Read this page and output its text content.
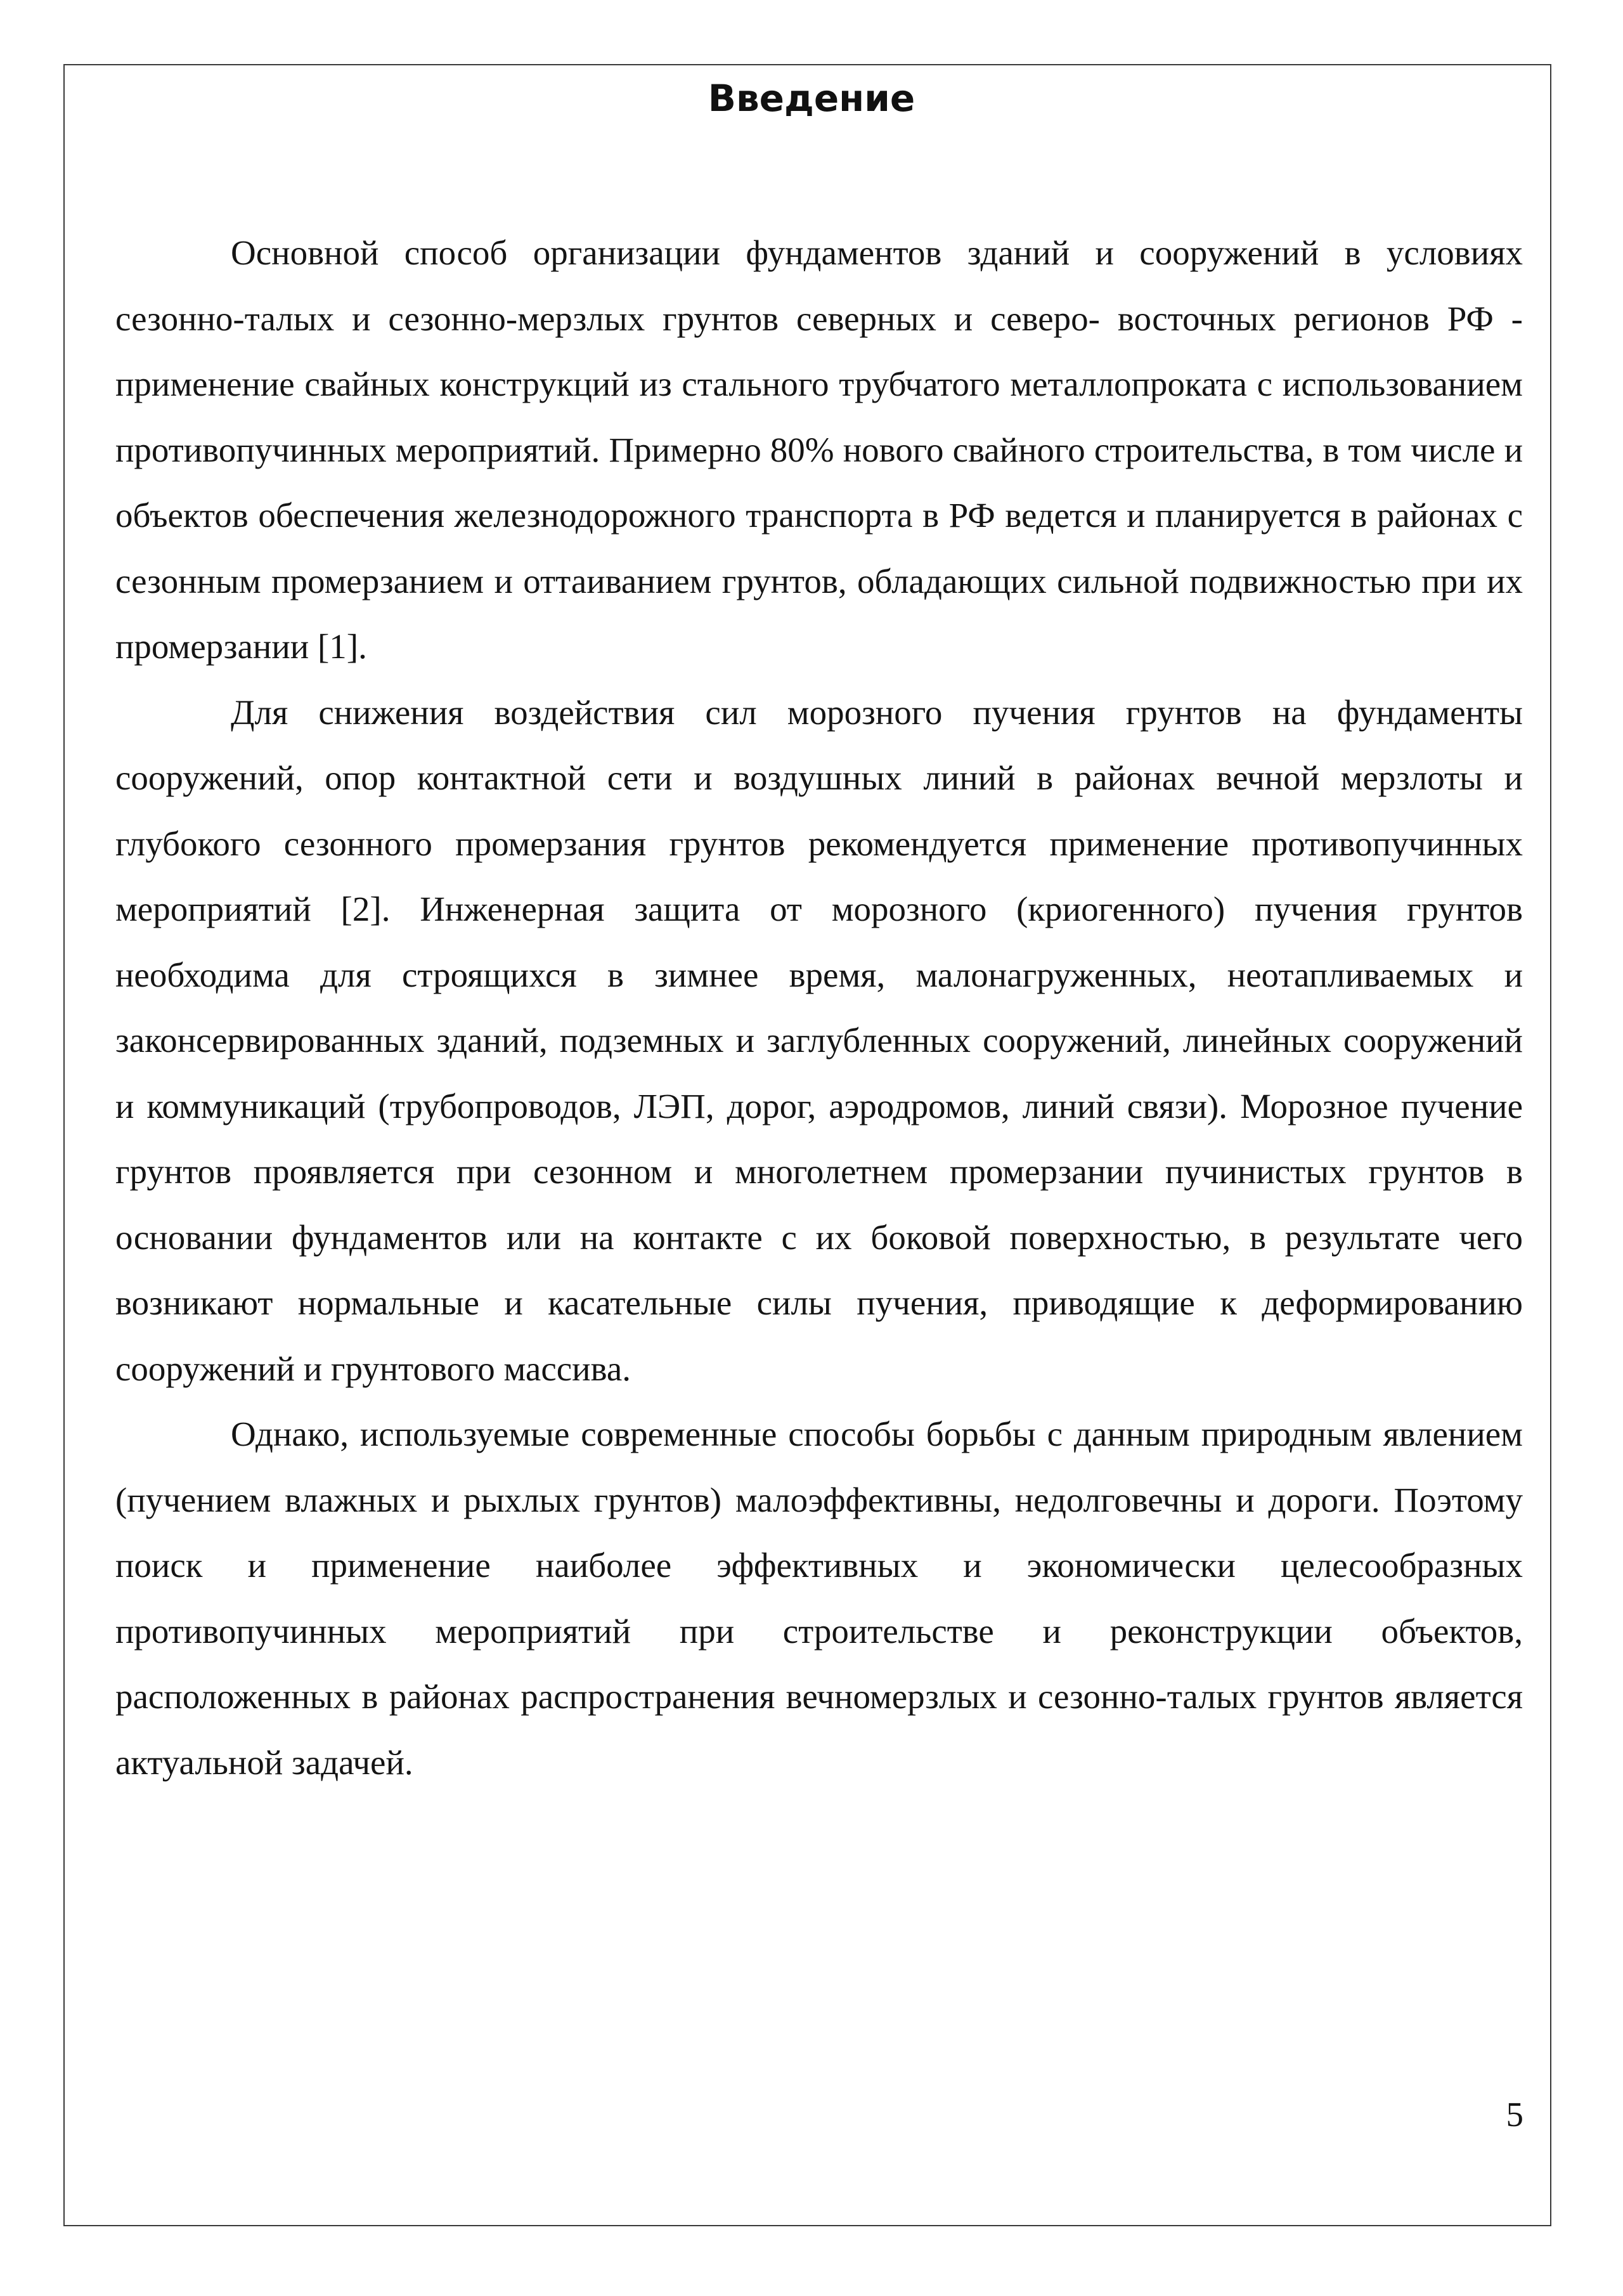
Введение

Основной способ организации фундаментов зданий и сооружений в условиях сезонно-талых и сезонно-мерзлых грунтов северных и северо- восточных регионов РФ - применение свайных конструкций из стального трубчатого металлопроката с использованием противопучинных мероприятий. Примерно 80% нового свайного строительства, в том числе и объектов обеспечения железнодорожного транспорта в РФ ведется и планируется в районах с сезонным промерзанием и оттаиванием грунтов, обладающих сильной подвижностью при их промерзании [1].

Для снижения воздействия сил морозного пучения грунтов на фундаменты сооружений, опор контактной сети и воздушных линий в районах вечной мерзлоты и глубокого сезонного промерзания грунтов рекомендуется применение противопучинных мероприятий [2]. Инженерная защита от морозного (криогенного) пучения грунтов необходима для строящихся в зимнее время, малонагруженных, неотапливаемых и законсервированных зданий, подземных и заглубленных сооружений, линейных сооружений и коммуникаций (трубопроводов, ЛЭП, дорог, аэродромов, линий связи). Морозное пучение грунтов проявляется при сезонном и многолетнем промерзании пучинистых грунтов в основании фундаментов или на контакте с их боковой поверхностью, в результате чего возникают нормальные и касательные силы пучения, приводящие к деформированию сооружений и грунтового массива.

Однако, используемые современные способы борьбы с данным природным явлением (пучением влажных и рыхлых грунтов) малоэффективны, недолговечны и дороги. Поэтому поиск и применение наиболее эффективных и экономически целесообразных противопучинных мероприятий при строительстве и реконструкции объектов, расположенных в районах распространения вечномерзлых и сезонно-талых грунтов является актуальной задачей.

5
